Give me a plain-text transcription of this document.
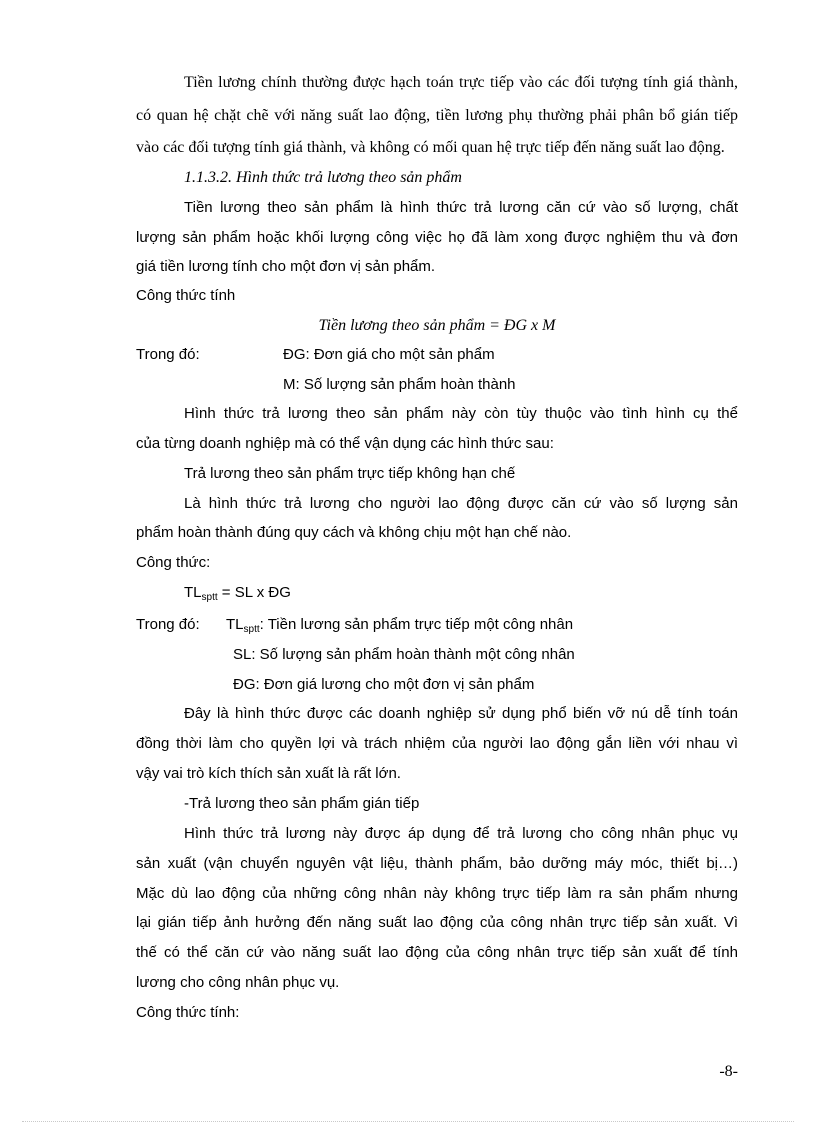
Tiền lương chính thường được hạch toán trực tiếp vào các đối tượng tính giá thành,
có quan hệ chặt chẽ với năng suất lao động, tiền lương phụ thường phải phân bổ gián tiếp
vào các đối tượng tính giá thành, và không có mối quan hệ trực tiếp đến năng suất lao động.
1.1.3.2. Hình thức trả lương theo sản phẩm
Tiền lương theo sản phẩm là hình thức trả lương căn cứ vào số lượng, chất
lượng sản phẩm hoặc khối lượng công việc họ đã làm xong được nghiệm thu và đơn
giá tiền lương tính cho một đơn vị sản phẩm.
Công thức tính
Tiền lương theo sản phẩm = ĐG x M
Trong đó:	ĐG: Đơn giá cho một sản phẩm
M: Số lượng sản phẩm hoàn thành
Hình thức trả lương theo sản phẩm này còn tùy thuộc vào tình hình cụ thể
của từng doanh nghiệp mà có thể vận dụng các hình thức sau:
Trả lương theo sản phẩm trực tiếp không hạn chế
Là hình thức trả lương cho người lao động được căn cứ vào số lượng sản
phẩm hoàn thành đúng quy cách và không chịu một hạn chế nào.
Công thức:
$TL_{sptt}$ = SL x ĐG
Trong đó:	$TL_{sptt}$: Tiền lương sản phẩm trực tiếp một công nhân
SL: Số lượng sản phẩm hoàn thành một công nhân
ĐG: Đơn giá lương cho một đơn vị sản phẩm
Đây là hình thức được các doanh nghiệp sử dụng phổ biến vỡ nú dễ tính toán
đồng thời làm cho quyền lợi và trách nhiệm của người lao động gắn liền với nhau vì
vậy vai trò kích thích sản xuất là rất lớn.
-Trả lương theo sản phẩm gián tiếp
Hình thức trả lương này được áp dụng để trả lương cho công nhân phục vụ
sản xuất (vận chuyển nguyên vật liệu, thành phẩm, bảo dưỡng máy móc, thiết bị…)
Mặc dù lao động của những công nhân này không trực tiếp làm ra sản phẩm nhưng
lại gián tiếp ảnh hưởng đến năng suất lao động của công nhân trực tiếp sản xuất. Vì
thế có thể căn cứ vào năng suất lao động của công nhân trực tiếp sản xuất để tính
lương cho công nhân phục vụ.
Công thức tính:
-8-
